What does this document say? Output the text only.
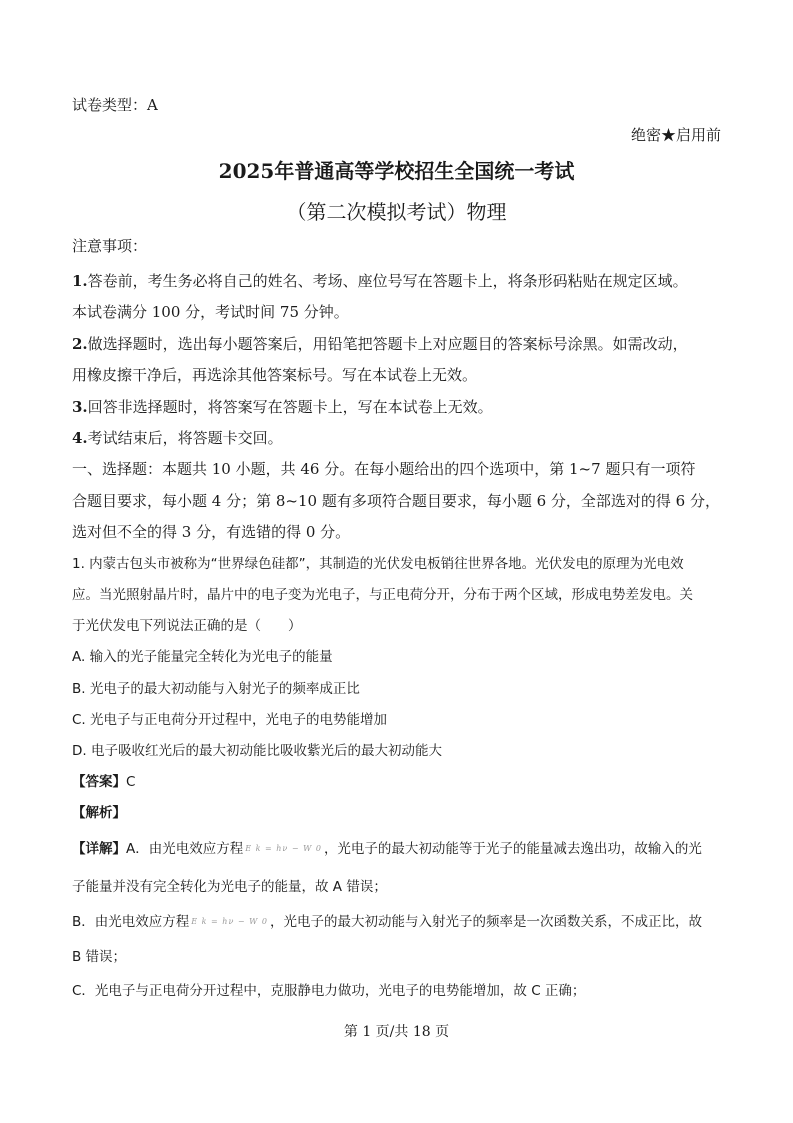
试卷类型：A
绝密★启用前
2025年普通高等学校招生全国统一考试
（第二次模拟考试）物理
注意事项：
1.答卷前，考生务必将自己的姓名、考场、座位号写在答题卡上，将条形码粘贴在规定区域。
本试卷满分 100 分，考试时间 75 分钟。
2.做选择题时，选出每小题答案后，用铅笔把答题卡上对应题目的答案标号涂黑。如需改动，
用橡皮擦干净后，再选涂其他答案标号。写在本试卷上无效。
3.回答非选择题时，将答案写在答题卡上，写在本试卷上无效。
4.考试结束后，将答题卡交回。
一、选择题：本题共 10 小题，共 46 分。在每小题给出的四个选项中，第 1~7 题只有一项符
合题目要求，每小题 4 分；第 8~10 题有多项符合题目要求，每小题 6 分，全部选对的得 6 分，
选对但不全的得 3 分，有选错的得 0 分。
1. 内蒙古包头市被称为“世界绿色硅都”，其制造的光伏发电板销往世界各地。光伏发电的原理为光电效
应。当光照射晶片时，晶片中的电子变为光电子，与正电荷分开，分布于两个区域，形成电势差发电。关
于光伏发电下列说法正确的是（　　）
A. 输入的光子能量完全转化为光电子的能量
B. 光电子的最大初动能与入射光子的频率成正比
C. 光电子与正电荷分开过程中，光电子的电势能增加
D. 电子吸收红光后的最大初动能比吸收紫光后的最大初动能大
【答案】C
【解析】
【详解】A．由光电效应方程 E k = hν − W 0 ，光电子的最大初动能等于光子的能量减去逸出功，故输入的光
子能量并没有完全转化为光电子的能量，故 A 错误；
B．由光电效应方程 E k = hν − W 0 ，光电子的最大初动能与入射光子的频率是一次函数关系，不成正比，故
B 错误；
C．光电子与正电荷分开过程中，克服静电力做功，光电子的电势能增加，故 C 正确；
第 1 页/共 18 页
